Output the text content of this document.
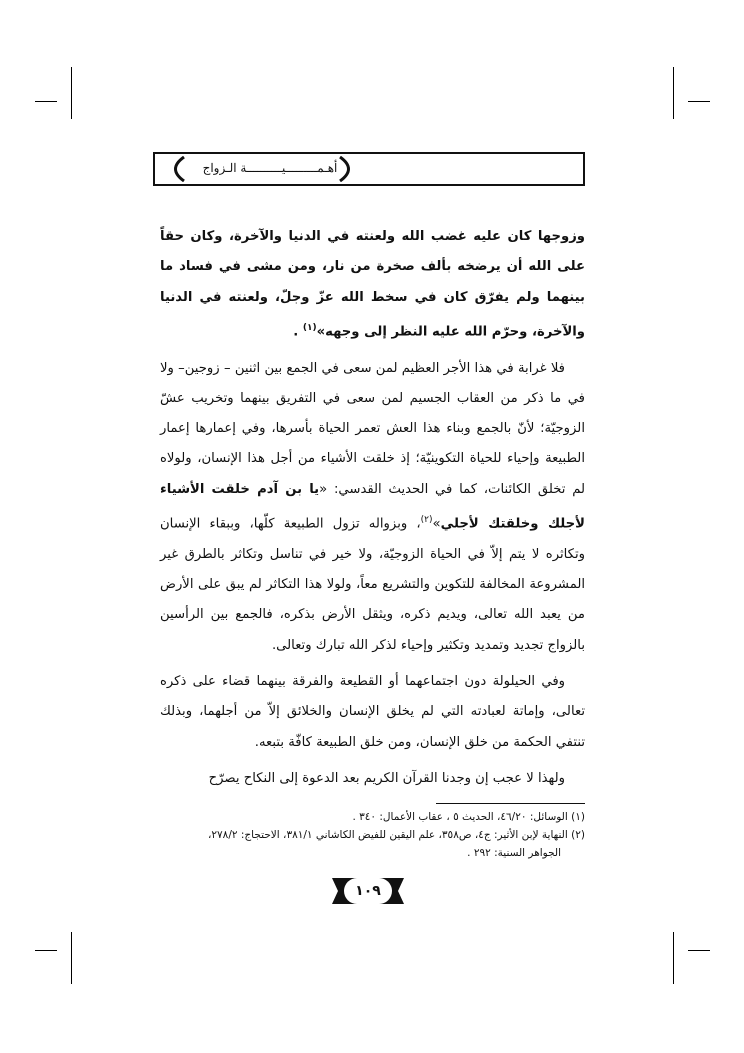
أهـمـــــــــيــــــــــة الـزواج

وزوجها كان عليه غضب الله ولعنته في الدنيا والآخرة، وكان حقاً على الله أن يرضخه بألف صخرة من نار، ومن مشى في فساد ما بينهما ولم يفرّق كان في سخط الله عزّ وجلّ، ولعنته في الدنيا والآخرة، وحرّم الله عليه النظر إلى وجهه»$^{(١)}$ .

فلا غرابة في هذا الأجر العظيم لمن سعى في الجمع بين اثنين – زوجين– ولا في ما ذكر من العقاب الجسيم لمن سعى في التفريق بينهما وتخريب عشّ الزوجيّة؛ لأنّ بالجمع وبناء هذا العش تعمر الحياة بأسرها، وفي إعمارها إعمار الطبيعة وإحياء للحياة التكوينيّة؛ إذ خلقت الأشياء من أجل هذا الإنسان، ولولاه لم تخلق الكائنات، كما في الحديث القدسي: «يا بن آدم خلقت الأشياء لأجلك وخلقتك لأجلي»$^{(٢)}$، وبزواله تزول الطبيعة كلّها، وببقاء الإنسان وتكاثره لا يتم إلاّ في الحياة الزوجيّة، ولا خير في تناسل وتكاثر بالطرق غير المشروعة المخالفة للتكوين والتشريع معاً، ولولا هذا التكاثر لم يبق على الأرض من يعبد الله تعالى، ويديم ذكره، ويثقل الأرض بذكره، فالجمع بين الرأسين بالزواج تجديد وتمديد وتكثير وإحياء لذكر الله تبارك وتعالى.

وفي الحيلولة دون اجتماعهما أو القطيعة والفرقة بينهما قضاء على ذكره تعالى، وإماتة لعبادته التي لم يخلق الإنسان والخلائق إلاّ من أجلهما، وبذلك تنتفي الحكمة من خلق الإنسان، ومن خلق الطبيعة كافّة بتبعه.

ولهذا لا عجب إن وجدنا القرآن الكريم بعد الدعوة إلى النكاح يصرّح

(١) الوسائل: ٤٦/٢٠، الحديث ٥ ، عقاب الأعمال: ٣٤٠ .

(٢) النهاية لإبن الأثير: ج٤، ص٣٥٨، علم اليقين للفيض الكاشاني ٣٨١/١، الاحتجاج: ٢٧٨/٢،
الجواهر السنية: ٢٩٢ .

١٠٩
